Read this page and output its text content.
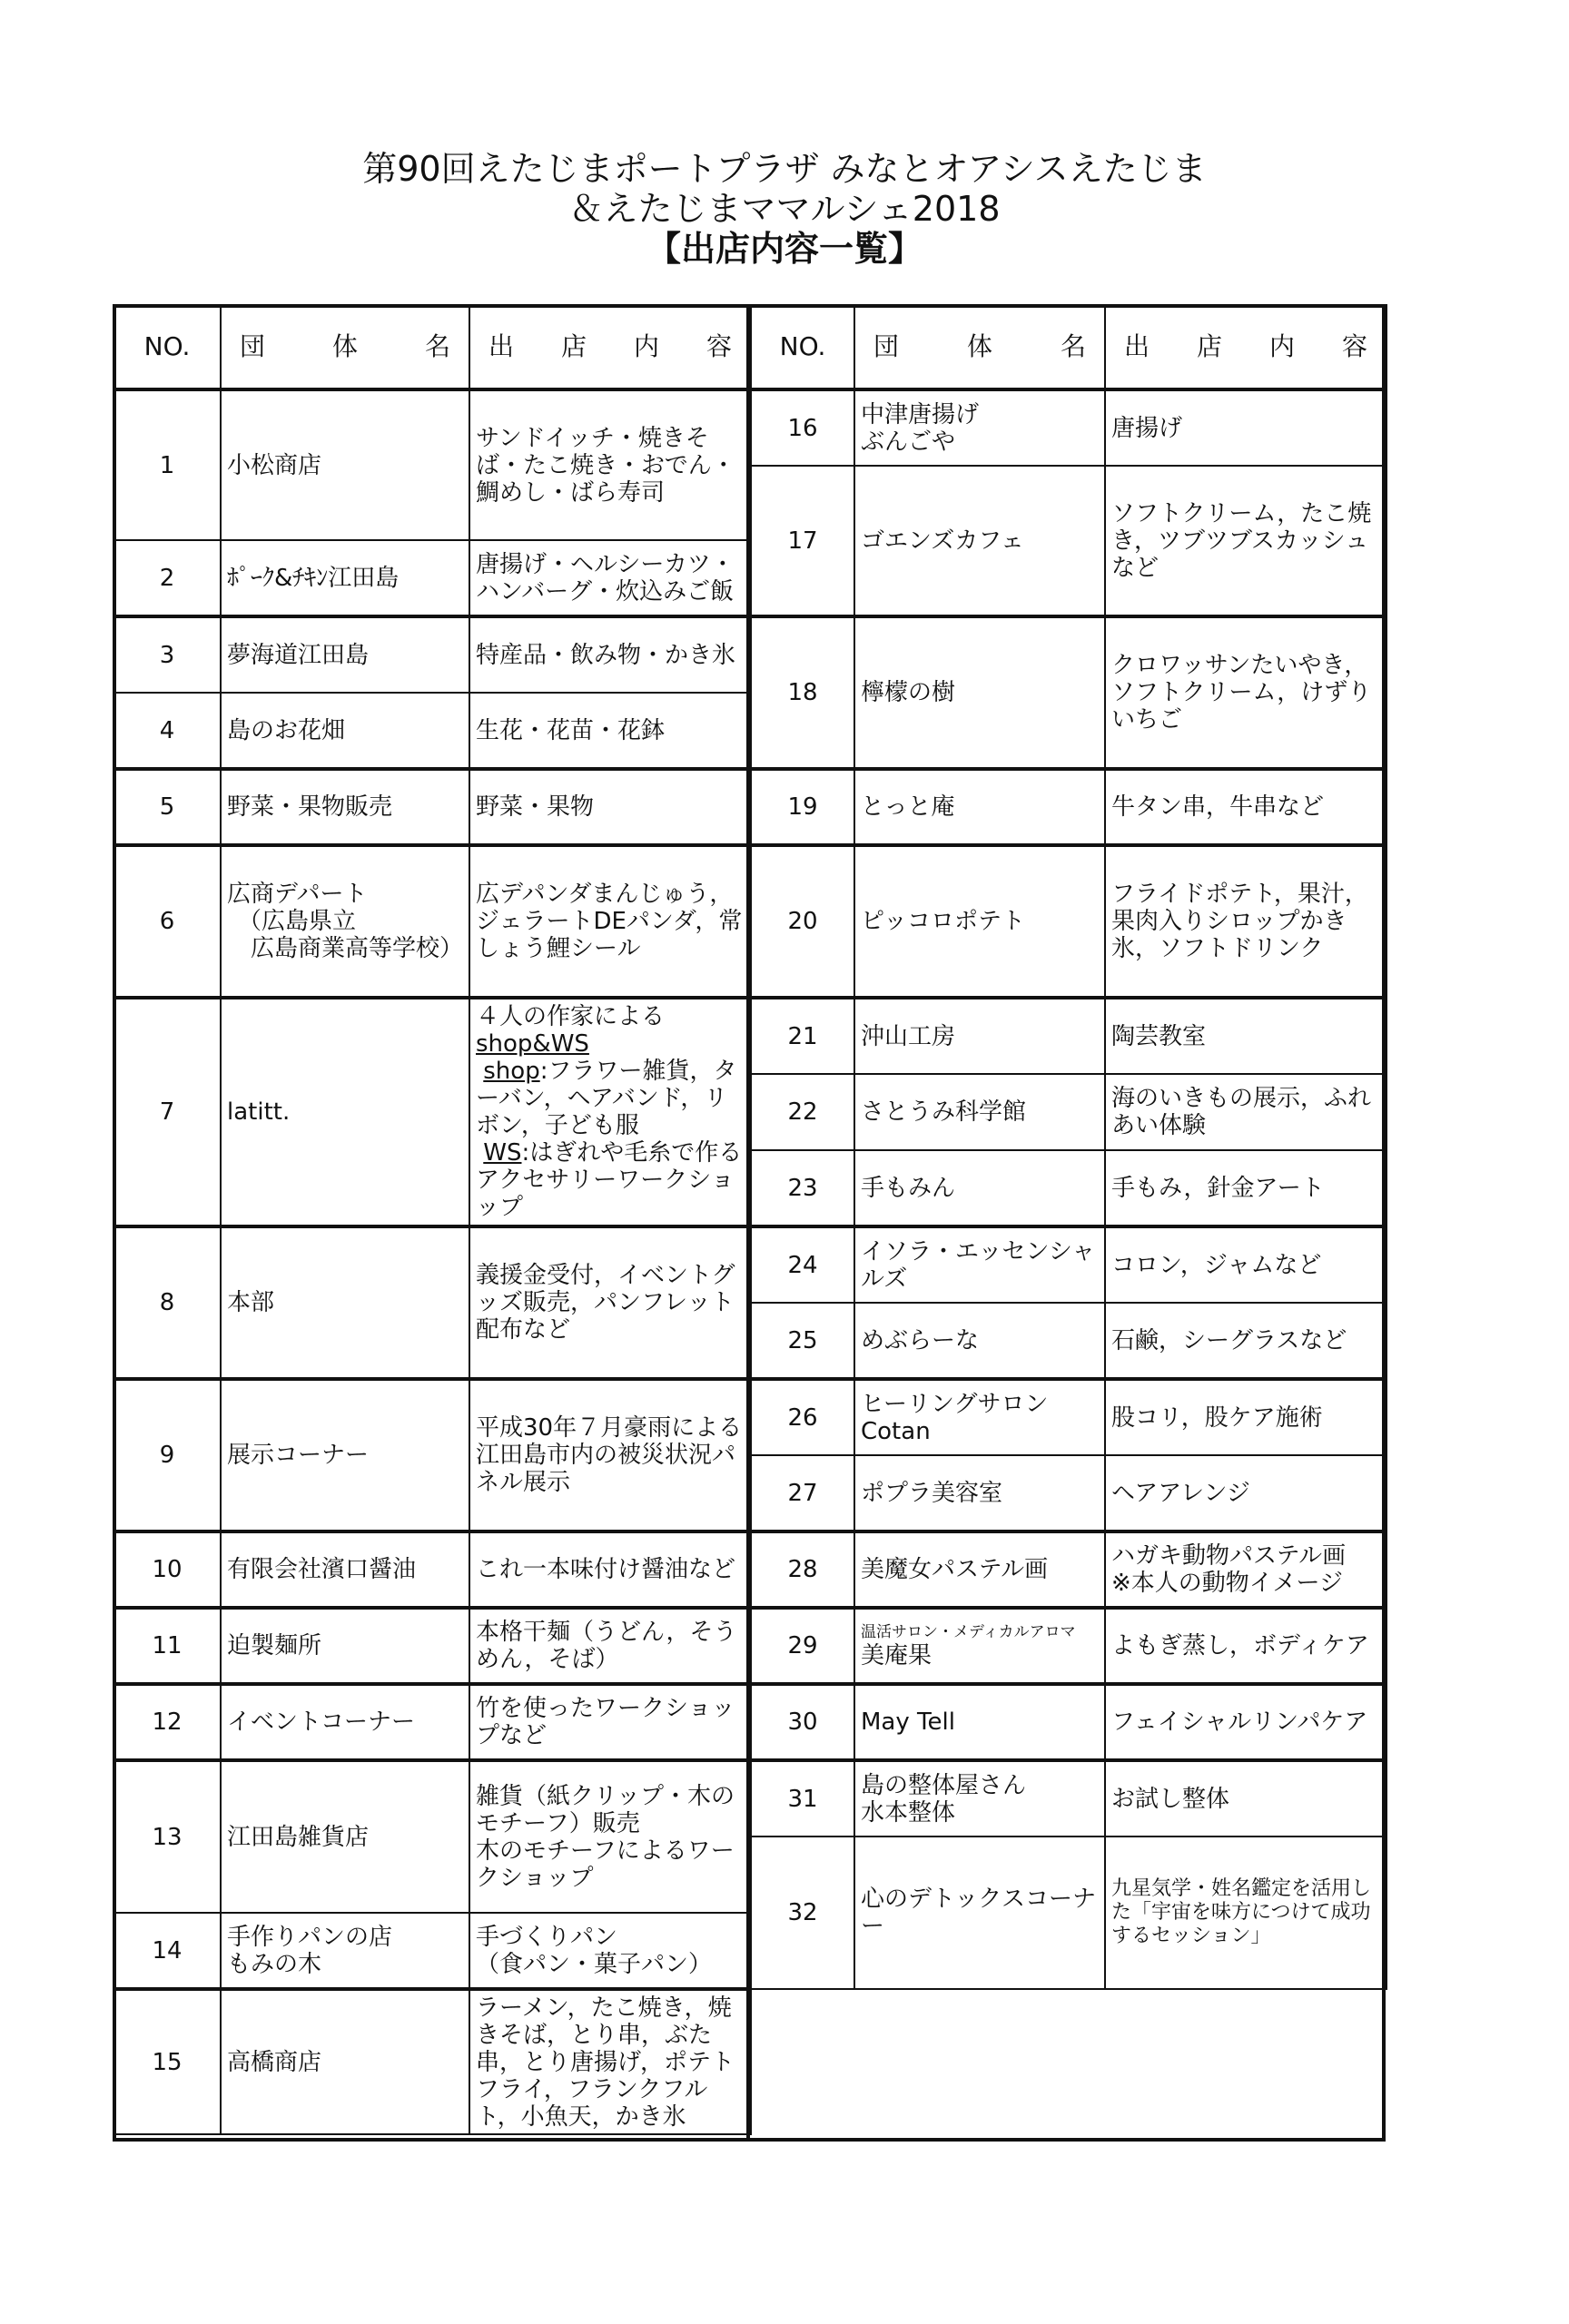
第90回えたじまポートプラザ みなとオアシスえたじま
＆えたじまママルシェ2018
【出店内容一覧】
NO.	団 体 名	出 店 内 容

1	小松商店	サンドイッチ・焼きそば・たこ焼き・おでん・鯛めし・ばら寿司
2	ﾎﾟｰｸ&ﾁｷﾝ江田島	唐揚げ・ヘルシーカツ・ハンバーグ・炊込みご飯
3	夢海道江田島	特産品・飲み物・かき氷
4	島のお花畑	生花・花苗・花鉢
5	野菜・果物販売	野菜・果物
6	広商デパート
（広島県立
広島商業高等学校）	広デパンダまんじゅう，ジェラートDEパンダ，常しょう鯉シール
7	latitt.	４人の作家による
shop&WS
shop:フラワー雑貨，ターバン，ヘアバンド，リボン，子ども服
WS:はぎれや毛糸で作るアクセサリーワークショップ

8	本部	義援金受付，イベントグッズ販売，パンフレット配布など
9	展示コーナー	平成30年７月豪雨による江田島市内の被災状況パネル展示
10	有限会社濱口醤油	これ一本味付け醤油など
11	迫製麺所	本格干麺（うどん，そうめん，そば）
12	イベントコーナー	竹を使ったワークショップなど
13	江田島雑貨店	雑貨（紙クリップ・木のモチーフ）販売
木のモチーフによるワークショップ

14	手作りパンの店
もみの木	手づくりパン
（食パン・菓子パン）

15	高橋商店	ラーメン，たこ焼き，焼きそば，とり串，ぶた串，とり唐揚げ，ポテトフライ，フランクフルト，小魚天，かき氷
NO.	団 体 名	出 店 内 容

16	中津唐揚げ
ぶんごや	唐揚げ
17	ゴエンズカフェ	ソフトクリーム，たこ焼き，ツブツブスカッシュなど
18	檸檬の樹	クロワッサンたいやき，ソフトクリーム，けずりいちご
19	とっと庵	牛タン串，牛串など
20	ピッコロポテト	フライドポテト，果汁，果肉入りシロップかき氷，ソフトドリンク
21	沖山工房	陶芸教室
22	さとうみ科学館	海のいきもの展示，ふれあい体験
23	手もみん	手もみ，針金アート
24	イソラ・エッセンシャルズ	コロン，ジャムなど
25	めぶらーな	石鹸，シーグラスなど
26	ヒーリングサロンCotan	股コリ，股ケア施術
27	ポプラ美容室	ヘアアレンジ
28	美魔女パステル画	ハガキ動物パステル画
※本人の動物イメージ

29	温活サロン・メディカルアロマ
美庵果	よもぎ蒸し，ボディケア
30	May Tell	フェイシャルリンパケア
31	島の整体屋さん
水本整体	お試し整体
32	心のデトックスコーナー	九星気学・姓名鑑定を活用した「宇宙を味方につけて成功するセッション」
